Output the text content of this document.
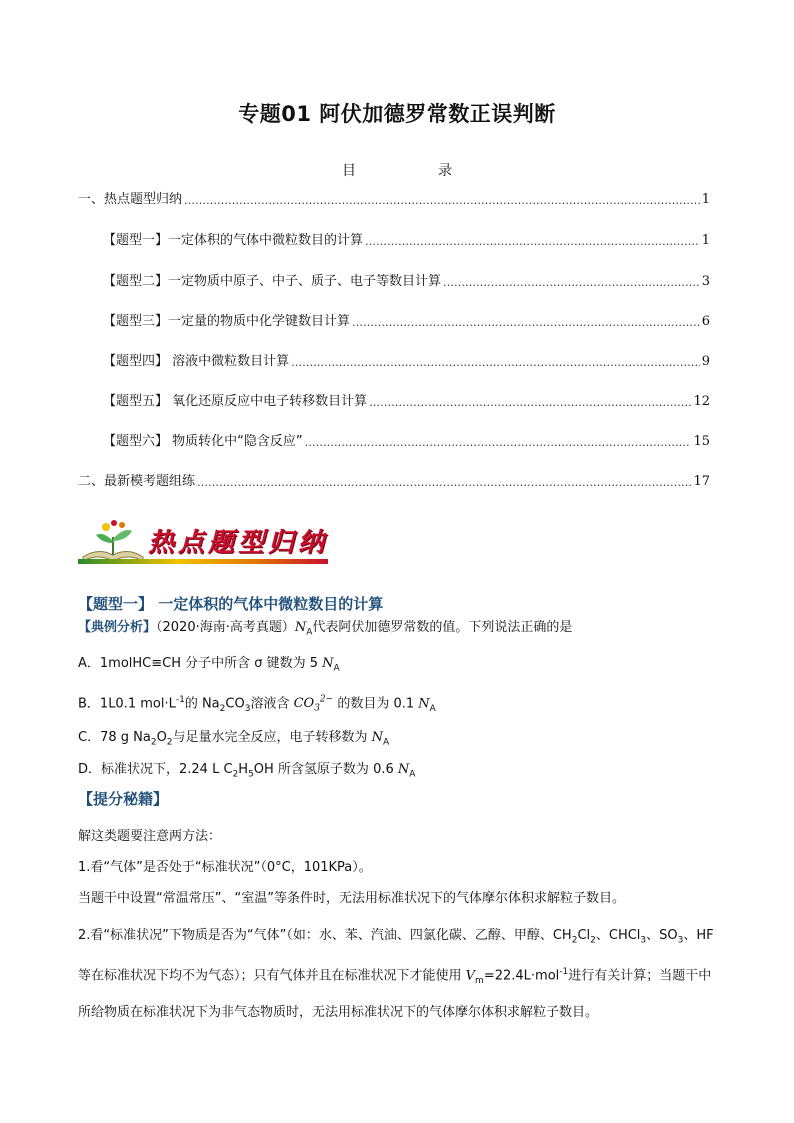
专题01 阿伏加德罗常数正误判断
目	录
一、热点题型归纳 …………………………………………………………………………………………………………………………………………………………………………………………………………	1
【题型一】一定体积的气体中微粒数目的计算 …………………………………………………………………………………………………………………………………………………………………………………………………………	1
【题型二】一定物质中原子、中子、质子、电子等数目计算 …………………………………………………………………………………………………………………………………………………………………………………………………………	3
【题型三】一定量的物质中化学键数目计算 …………………………………………………………………………………………………………………………………………………………………………………………………………	6
【题型四】 溶液中微粒数目计算 …………………………………………………………………………………………………………………………………………………………………………………………………………	9
【题型五】 氧化还原反应中电子转移数目计算 …………………………………………………………………………………………………………………………………………………………………………………………………………	12
【题型六】 物质转化中“隐含反应” …………………………………………………………………………………………………………………………………………………………………………………………………………	15
二、最新模考题组练 …………………………………………………………………………………………………………………………………………………………………………………………………………	17
热点题型归纳
【题型一】 一定体积的气体中微粒数目的计算
【典例分析】（2020·海南·高考真题）$N_A$代表阿伏加德罗常数的值。下列说法正确的是
A．1molHC≡CH 分子中所含 σ 键数为 5 $N_A$
B．1L0.1 $mol\cdot L^{-1}$的 $Na_2CO_3$溶液含 $CO_3^{2-}$ 的数目为 0.1 $N_A$
C．78 g $Na_2O_2$与足量水完全反应，电子转移数为 $N_A$
D．标准状况下，2.24 L $C_2H_5OH$ 所含氢原子数为 0.6 $N_A$
【提分秘籍】
解这类题要注意两方法：
1.看“气体”是否处于“标准状况”（0°C，101KPa）。
当题干中设置“常温常压”、“室温”等条件时，无法用标准状况下的气体摩尔体积求解粒子数目。
2.看“标准状况”下物质是否为“气体”（如：水、苯、汽油、四氯化碳、乙醇、甲醇、$CH_2Cl_2$、CHCl$_3$、$SO_3$、HF 等在标准状况下均不为气态）；只有气体并且在标准状况下才能使用 $V_m=22.4L\cdot mol^{-1}$进行有关计算；当题干中所给物质在标准状况下为非气态物质时，无法用标准状况下的气体摩尔体积求解粒子数目。
